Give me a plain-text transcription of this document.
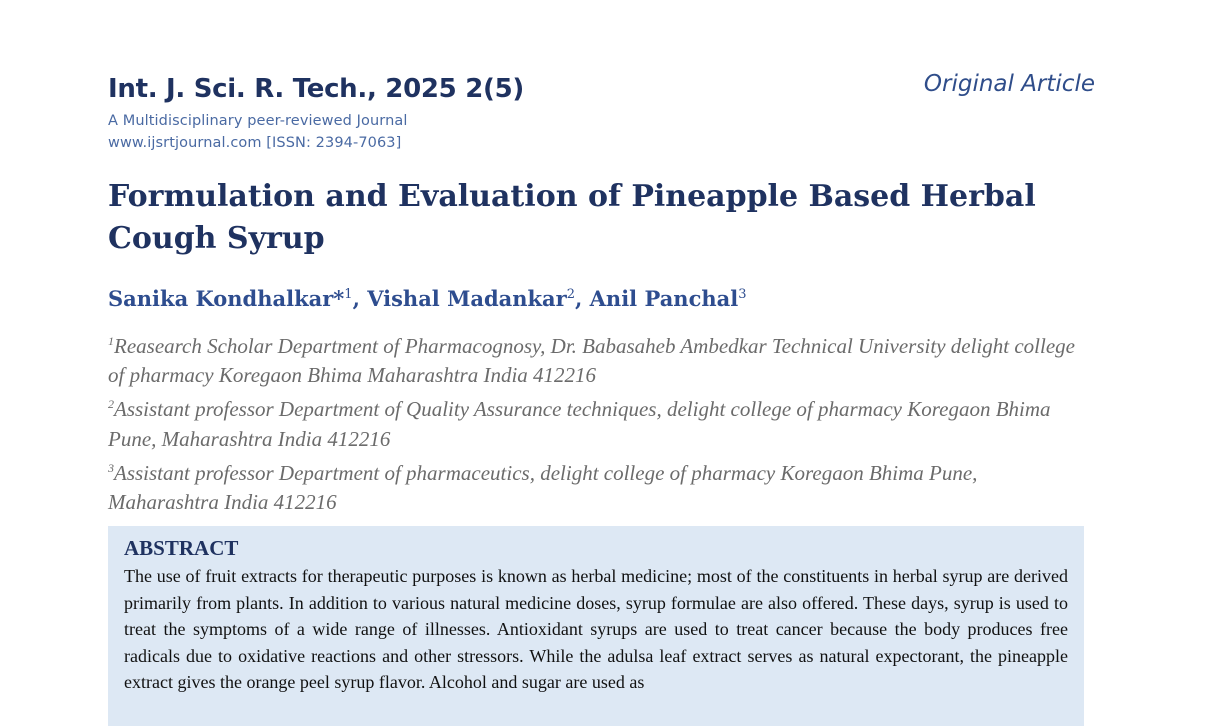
Int. J. Sci. R. Tech., 2025 2(5)	Original Article
A Multidisciplinary peer-reviewed Journal
www.ijsrtjournal.com [ISSN: 2394-7063]
Formulation and Evaluation of Pineapple Based Herbal Cough Syrup
Sanika Kondhalkar*$^1$, Vishal Madankar$^2$, Anil Panchal$^3$
$^1$Reasearch Scholar Department of Pharmacognosy, Dr. Babasaheb Ambedkar Technical University delight college of pharmacy Koregaon Bhima Maharashtra India 412216
$^2$Assistant professor Department of Quality Assurance techniques, delight college of pharmacy Koregaon Bhima Pune, Maharashtra India 412216
$^3$Assistant professor Department of pharmaceutics, delight college of pharmacy Koregaon Bhima Pune, Maharashtra India 412216
ABSTRACT
The use of fruit extracts for therapeutic purposes is known as herbal medicine; most of the constituents in herbal syrup are derived primarily from plants. In addition to various natural medicine doses, syrup formulae are also offered. These days, syrup is used to treat the symptoms of a wide range of illnesses. Antioxidant syrups are used to treat cancer because the body produces free radicals due to oxidative reactions and other stressors. While the adulsa leaf extract serves as natural expectorant, the pineapple extract gives the orange peel syrup flavor. Alcohol and sugar are used as
